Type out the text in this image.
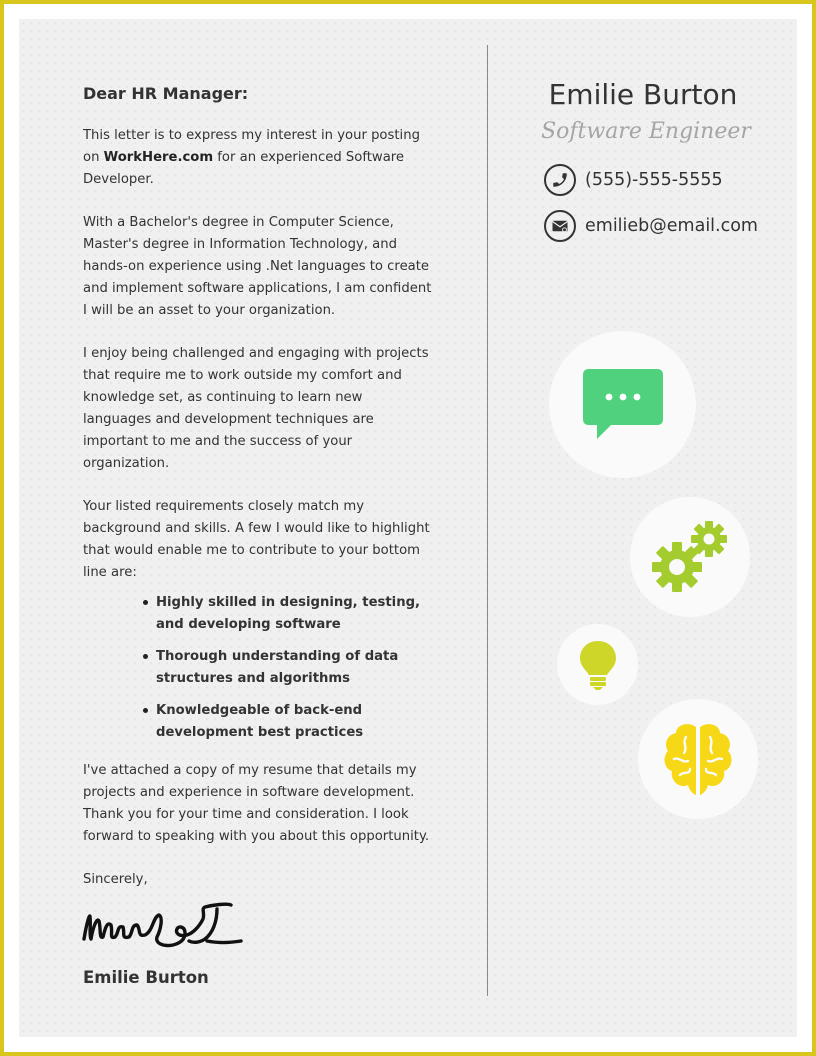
Dear HR Manager:

This letter is to express my interest in your posting on WorkHere.com for an experienced Software Developer.

With a Bachelor's degree in Computer Science, Master's degree in Information Technology, and hands-on experience using .Net languages to create and implement software applications, I am confident I will be an asset to your organization.

I enjoy being challenged and engaging with projects that require me to work outside my comfort and knowledge set, as continuing to learn new languages and development techniques are important to me and the success of your organization.

Your listed requirements closely match my background and skills. A few I would like to highlight that would enable me to contribute to your bottom line are:

Highly skilled in designing, testing, and developing software
Thorough understanding of data structures and algorithms
Knowledgeable of back-end development best practices

I've attached a copy of my resume that details my projects and experience in software development. Thank you for your time and consideration. I look forward to speaking with you about this opportunity.

Sincerely,

Emilie Burton
Emilie Burton
Software Engineer
(555)-555-5555
emilieb@email.com
